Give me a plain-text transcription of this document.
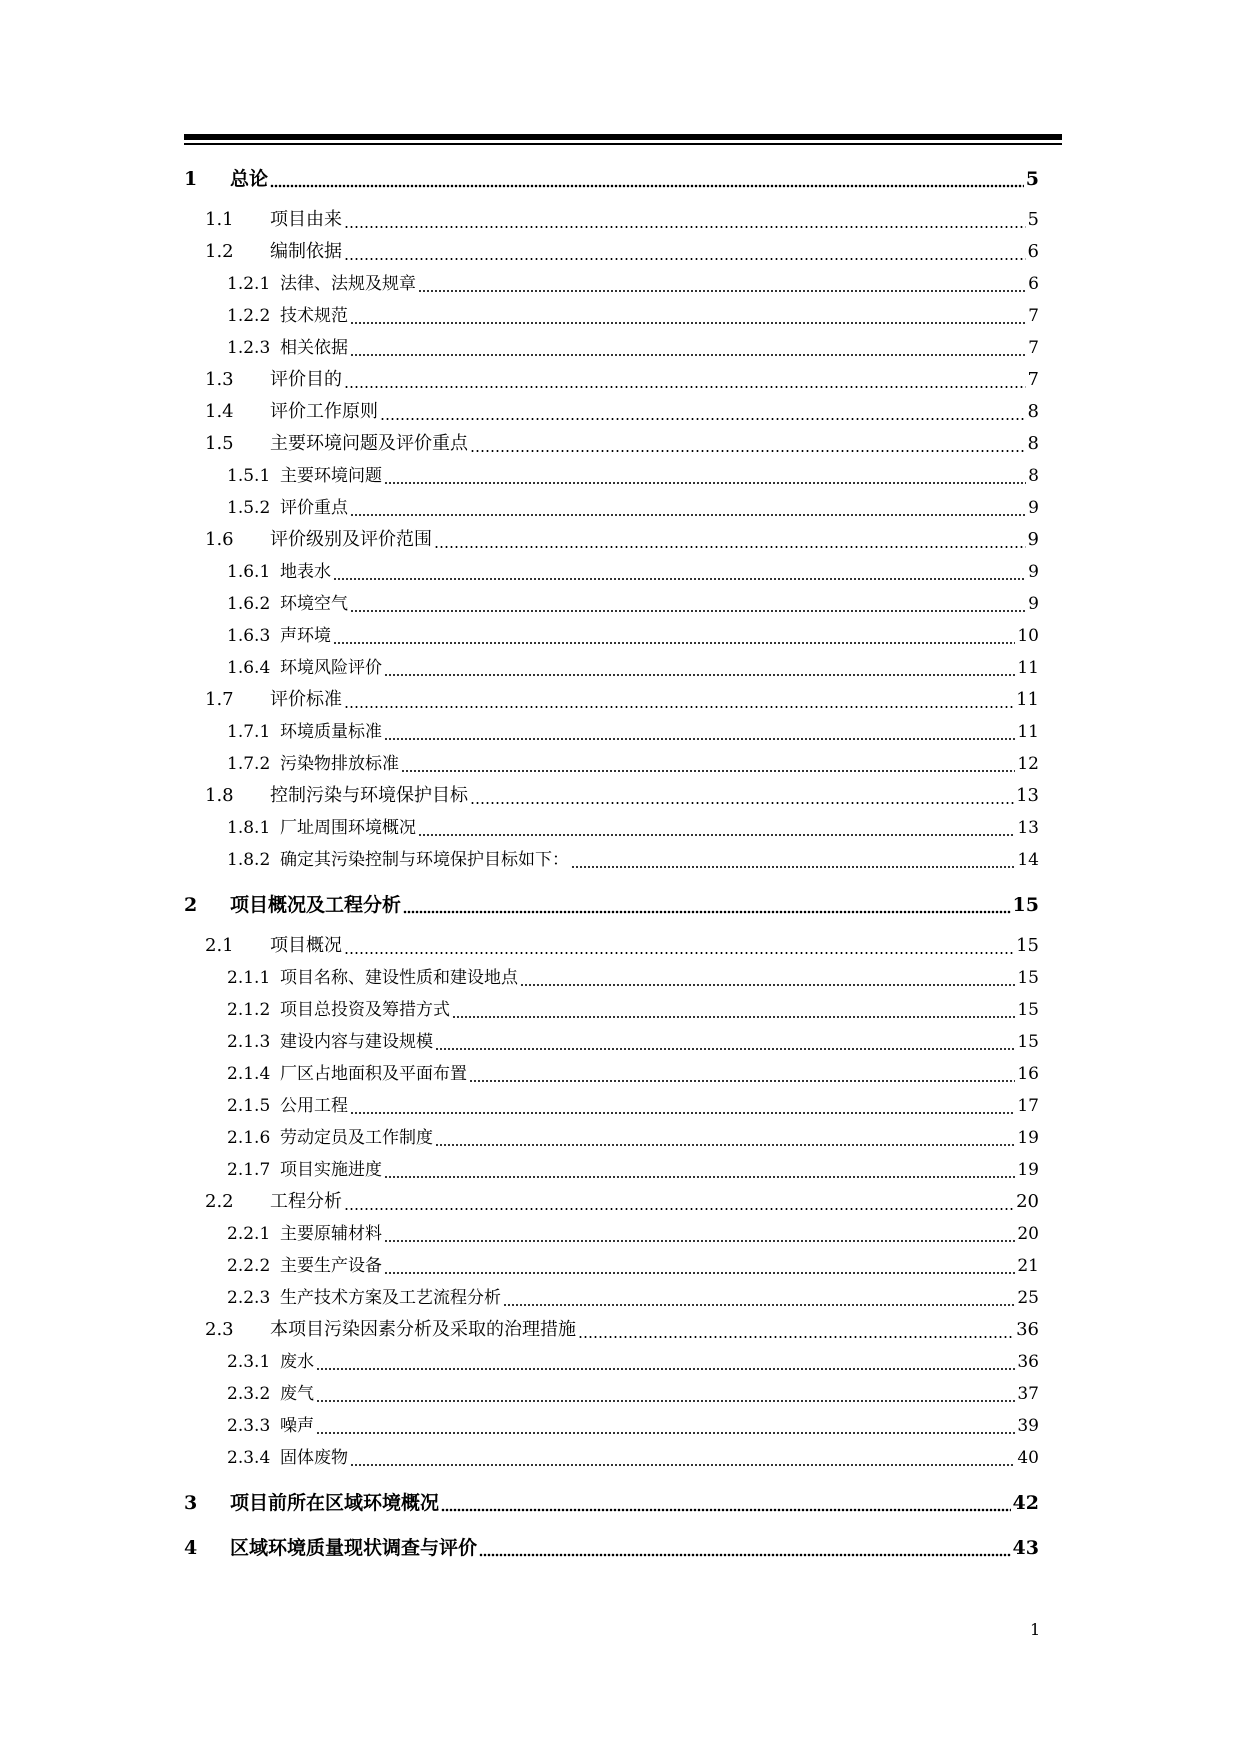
1	总论	5
1.1	项目由来	5
1.2	编制依据	6
1.2.1 法律、法规及规章	6
1.2.2 技术规范	7
1.2.3 相关依据	7
1.3	评价目的	7
1.4	评价工作原则	8
1.5	主要环境问题及评价重点	8
1.5.1 主要环境问题	8
1.5.2 评价重点	9
1.6	评价级别及评价范围	9
1.6.1 地表水	9
1.6.2 环境空气	9
1.6.3 声环境	10
1.6.4 环境风险评价	11
1.7	评价标准	11
1.7.1 环境质量标准	11
1.7.2 污染物排放标准	12
1.8	控制污染与环境保护目标	13
1.8.1 厂址周围环境概况	13
1.8.2 确定其污染控制与环境保护目标如下：	14
2	项目概况及工程分析	15
2.1	项目概况	15
2.1.1 项目名称、建设性质和建设地点	15
2.1.2 项目总投资及筹措方式	15
2.1.3 建设内容与建设规模	15
2.1.4 厂区占地面积及平面布置	16
2.1.5 公用工程	17
2.1.6 劳动定员及工作制度	19
2.1.7 项目实施进度	19
2.2	工程分析	20
2.2.1 主要原辅材料	20
2.2.2 主要生产设备	21
2.2.3 生产技术方案及工艺流程分析	25
2.3	本项目污染因素分析及采取的治理措施	36
2.3.1 废水	36
2.3.2 废气	37
2.3.3 噪声	39
2.3.4 固体废物	40
3	项目前所在区域环境概况	42
4	区域环境质量现状调查与评价	43
1
